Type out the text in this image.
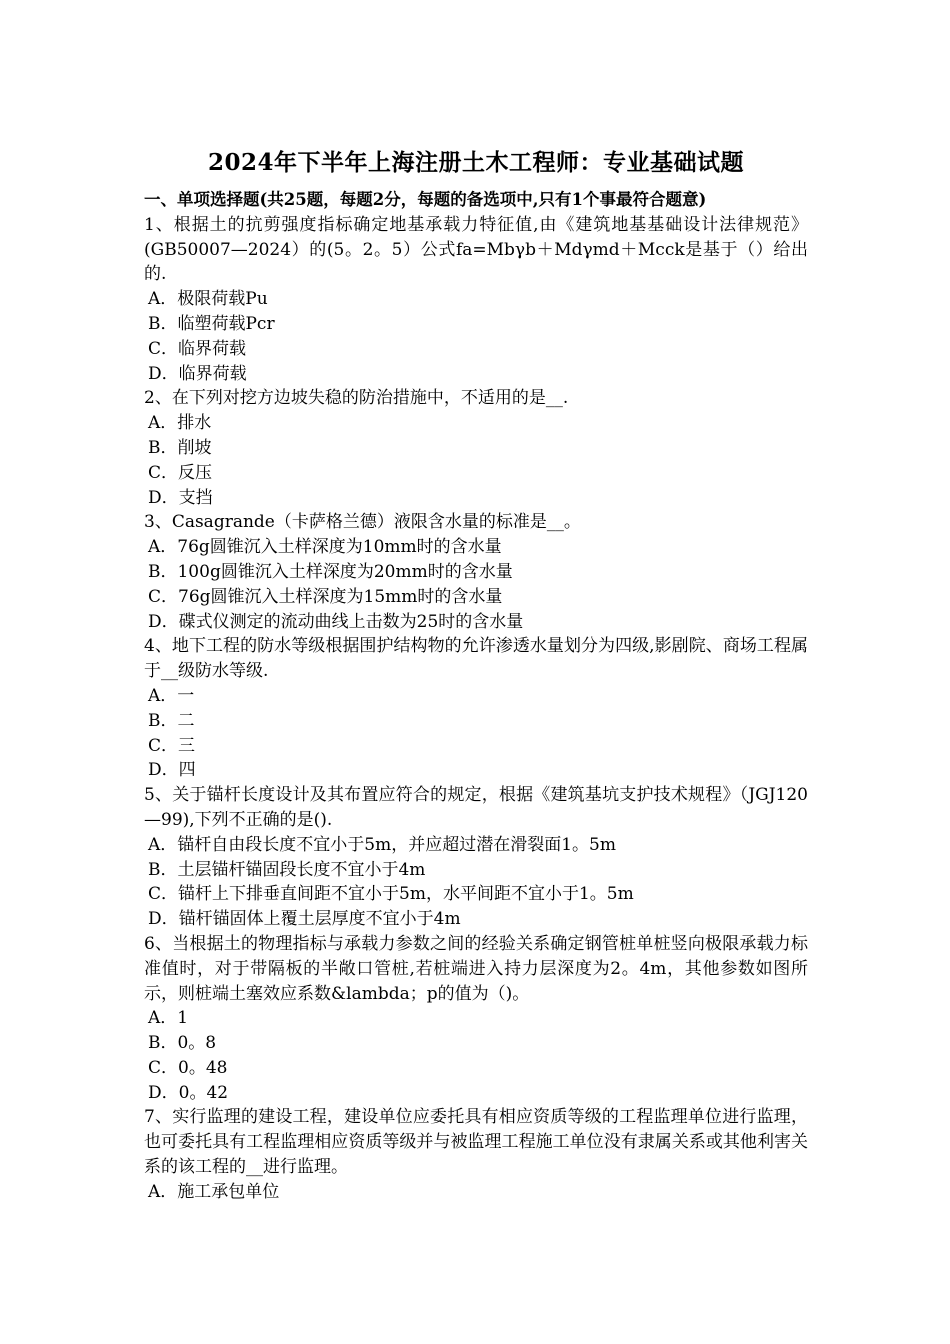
2024年下半年上海注册土木工程师：专业基础试题
一、单项选择题(共25题，每题2分，每题的备选项中,只有1个事最符合题意)

1、根据土的抗剪强度指标确定地基承载力特征值,由《建筑地基基础设计法律规范》(GB50007—2024）的(5。2。5）公式fa=Mbγb＋Mdγmd＋Mcck是基于（）给出的.

A．极限荷载Pu

B．临塑荷载Pcr

C．临界荷载

D．临界荷载

2、在下列对挖方边坡失稳的防治措施中，不适用的是__.

A．排水

B．削坡

C．反压

D．支挡

3、Casagrande（卡萨格兰德）液限含水量的标准是__。

A．76g圆锥沉入土样深度为10mm时的含水量

B．100g圆锥沉入土样深度为20mm时的含水量

C．76g圆锥沉入土样深度为15mm时的含水量

D．碟式仪测定的流动曲线上击数为25时的含水量

4、地下工程的防水等级根据围护结构物的允许渗透水量划分为四级,影剧院、商场工程属于__级防水等级.

A．一

B．二

C．三

D．四

5、关于锚杆长度设计及其布置应符合的规定，根据《建筑基坑支护技术规程》（JGJ120—99),下列不正确的是().

A．锚杆自由段长度不宜小于5m，并应超过潜在滑裂面1。5m

B．土层锚杆锚固段长度不宜小于4m

C．锚杆上下排垂直间距不宜小于5m，水平间距不宜小于1。5m

D．锚杆锚固体上覆土层厚度不宜小于4m

6、当根据土的物理指标与承载力参数之间的经验关系确定钢管桩单桩竖向极限承载力标准值时，对于带隔板的半敞口管桩,若桩端进入持力层深度为2。4m，其他参数如图所示，则桩端土塞效应系数&lambda；p的值为（)。

A．1

B．0。8

C．0。48

D．0。42

7、实行监理的建设工程，建设单位应委托具有相应资质等级的工程监理单位进行监理，也可委托具有工程监理相应资质等级并与被监理工程施工单位没有隶属关系或其他利害关系的该工程的__进行监理。

A．施工承包单位
